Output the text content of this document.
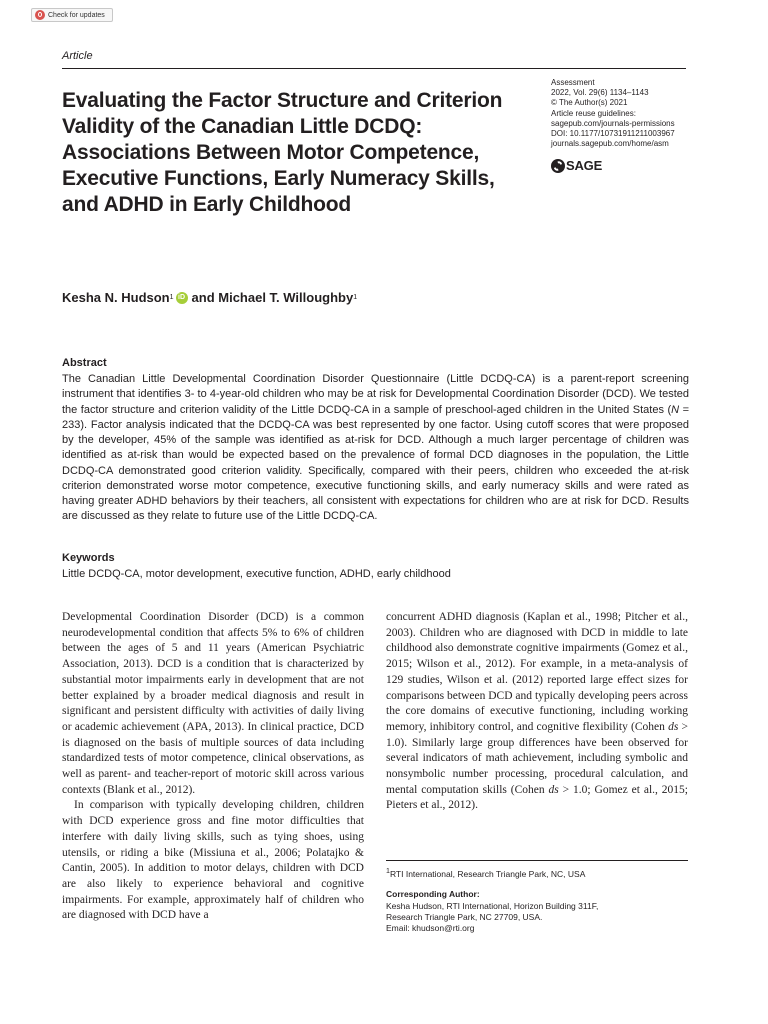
Check for updates
Article
Evaluating the Factor Structure and Criterion Validity of the Canadian Little DCDQ: Associations Between Motor Competence, Executive Functions, Early Numeracy Skills, and ADHD in Early Childhood
Assessment
2022, Vol. 29(6) 1134–1143
© The Author(s) 2021
Article reuse guidelines:
sagepub.com/journals-permissions
DOI: 10.1177/10731911211003967
journals.sagepub.com/home/asm
SAGE
Kesha N. Hudson 1 iD and Michael T. Willoughby 1
Abstract

The Canadian Little Developmental Coordination Disorder Questionnaire (Little DCDQ-CA) is a parent-report screening instrument that identifies 3- to 4-year-old children who may be at risk for Developmental Coordination Disorder (DCD). We tested the factor structure and criterion validity of the Little DCDQ-CA in a sample of preschool-aged children in the United States (N = 233). Factor analysis indicated that the DCDQ-CA was best represented by one factor. Using cutoff scores that were proposed by the developer, 45% of the sample was identified as at-risk for DCD. Although a much larger percentage of children was identified as at-risk than would be expected based on the prevalence of formal DCD diagnoses in the population, the Little DCDQ-CA demonstrated good criterion validity. Specifically, compared with their peers, children who exceeded the at-risk criterion demonstrated worse motor competence, executive functioning skills, and early numeracy skills and were rated as having greater ADHD behaviors by their teachers, all consistent with expectations for children who are at risk for DCD. Results are discussed as they relate to future use of the Little DCDQ-CA.

Keywords
Little DCDQ-CA, motor development, executive function, ADHD, early childhood

Developmental Coordination Disorder (DCD) is a common neurodevelopmental condition that affects 5% to 6% of children between the ages of 5 and 11 years (American Psychiatric Association, 2013). DCD is a condition that is characterized by substantial motor impairments early in development that are not better explained by a broader medical diagnosis and result in significant and persistent difficulty with activities of daily living or academic achievement (APA, 2013). In clinical practice, DCD is diagnosed on the basis of multiple sources of data including standardized tests of motor competence, clinical observations, as well as parent- and teacher-report of motoric skill across various contexts (Blank et al., 2012).

In comparison with typically developing children, children with DCD experience gross and fine motor difficulties that interfere with daily living skills, such as tying shoes, using utensils, or riding a bike (Missiuna et al., 2006; Polatajko & Cantin, 2005). In addition to motor delays, children with DCD are also likely to experience behavioral and cognitive impairments. For example, approximately half of children who are diagnosed with DCD have a

concurrent ADHD diagnosis (Kaplan et al., 1998; Pitcher et al., 2003). Children who are diagnosed with DCD in middle to late childhood also demonstrate cognitive impairments (Gomez et al., 2015; Wilson et al., 2012). For example, in a meta-analysis of 129 studies, Wilson et al. (2012) reported large effect sizes for comparisons between DCD and typically developing peers across the core domains of executive functioning, including working memory, inhibitory control, and cognitive flexibility (Cohen ds > 1.0). Similarly large group differences have been observed for several indicators of math achievement, including symbolic and nonsymbolic number processing, procedural calculation, and mental computation skills (Cohen ds > 1.0; Gomez et al., 2015; Pieters et al., 2012).

$^1$RTI International, Research Triangle Park, NC, USA
Corresponding Author:
Kesha Hudson, RTI International, Horizon Building 311F,
Research Triangle Park, NC 27709, USA.
Email: khudson@rti.org
